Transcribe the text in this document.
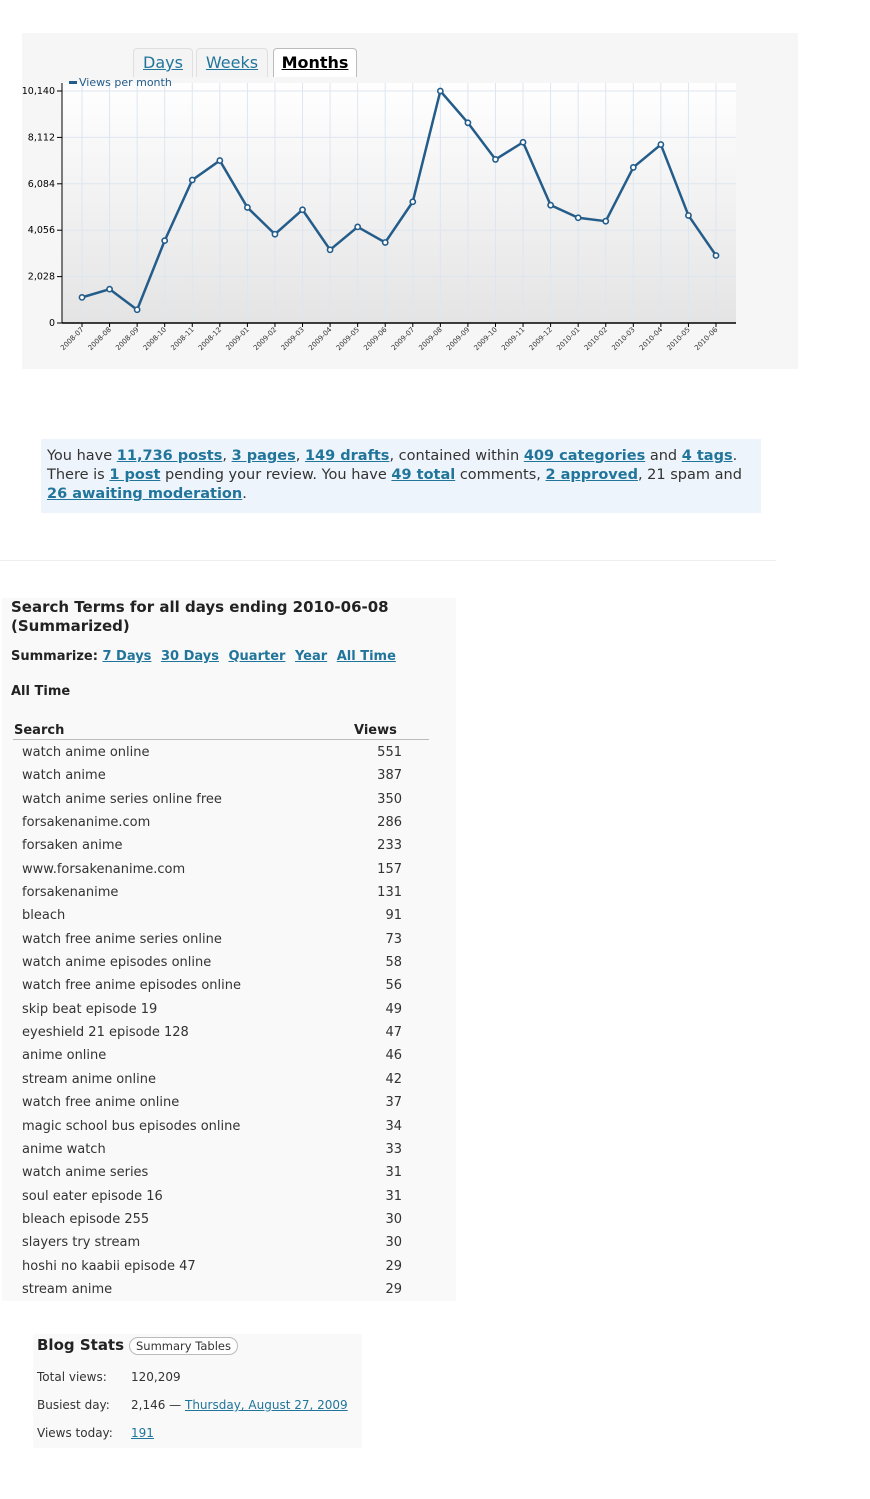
Days	Weeks	Months
0
2,028
4,056
6,084
8,112
10,140
2008-07 2008-08 2008-09 2008-10 2008-11 2008-12 2009-01 2009-02 2009-03 2009-04 2009-05 2009-06 2009-07 2009-08 2009-09 2009-10 2009-11 2009-12 2010-01 2010-02 2010-03 2010-04 2010-05 2010-06
Views per month
You have 11,736 posts, 3 pages, 149 drafts, contained within 409 categories and 4 tags. There is 1 post pending your review. You have 49 total comments, 2 approved, 21 spam and 26 awaiting moderation.
Search Terms for all days ending 2010-06-08 (Summarized)
Summarize: 7 Days 30 Days Quarter Year All Time
All Time
Search	Views
watch anime online	551
watch anime	387
watch anime series online free	350
forsakenanime.com	286
forsaken anime	233
www.forsakenanime.com	157
forsakenanime	131
bleach	91
watch free anime series online	73
watch anime episodes online	58
watch free anime episodes online	56
skip beat episode 19	49
eyeshield 21 episode 128	47
anime online	46
stream anime online	42
watch free anime online	37
magic school bus episodes online	34
anime watch	33
watch anime series	31
soul eater episode 16	31
bleach episode 255	30
slayers try stream	30
hoshi no kaabii episode 47	29
stream anime	29
Blog Stats	Summary Tables
Total views: 120,209
Busiest day: 2,146 — Thursday, August 27, 2009
Views today: 191
